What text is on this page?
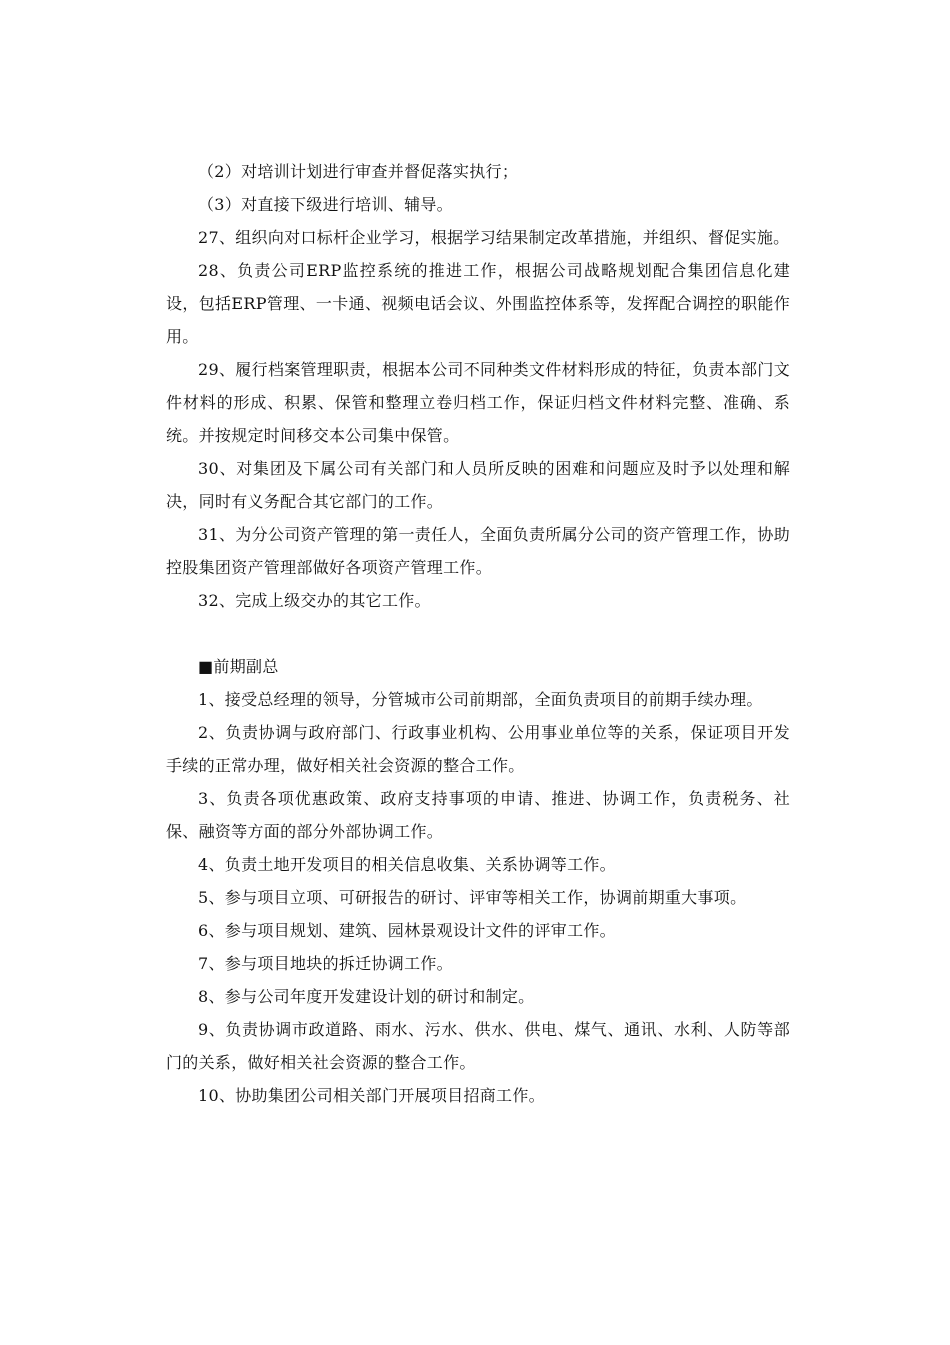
（2）对培训计划进行审查并督促落实执行；

（3）对直接下级进行培训、辅导。

27、组织向对口标杆企业学习，根据学习结果制定改革措施，并组织、督促实施。

28、负责公司ERP监控系统的推进工作，根据公司战略规划配合集团信息化建设，包括ERP管理、一卡通、视频电话会议、外围监控体系等，发挥配合调控的职能作用。

29、履行档案管理职责，根据本公司不同种类文件材料形成的特征，负责本部门文件材料的形成、积累、保管和整理立卷归档工作，保证归档文件材料完整、准确、系统。并按规定时间移交本公司集中保管。

30、对集团及下属公司有关部门和人员所反映的困难和问题应及时予以处理和解决，同时有义务配合其它部门的工作。

31、为分公司资产管理的第一责任人，全面负责所属分公司的资产管理工作，协助控股集团资产管理部做好各项资产管理工作。

32、完成上级交办的其它工作。

■前期副总

1、接受总经理的领导，分管城市公司前期部，全面负责项目的前期手续办理。

2、负责协调与政府部门、行政事业机构、公用事业单位等的关系，保证项目开发手续的正常办理，做好相关社会资源的整合工作。

3、负责各项优惠政策、政府支持事项的申请、推进、协调工作，负责税务、社保、融资等方面的部分外部协调工作。

4、负责土地开发项目的相关信息收集、关系协调等工作。

5、参与项目立项、可研报告的研讨、评审等相关工作，协调前期重大事项。

6、参与项目规划、建筑、园林景观设计文件的评审工作。

7、参与项目地块的拆迁协调工作。

8、参与公司年度开发建设计划的研讨和制定。

9、负责协调市政道路、雨水、污水、供水、供电、煤气、通讯、水利、人防等部门的关系，做好相关社会资源的整合工作。

10、协助集团公司相关部门开展项目招商工作。
